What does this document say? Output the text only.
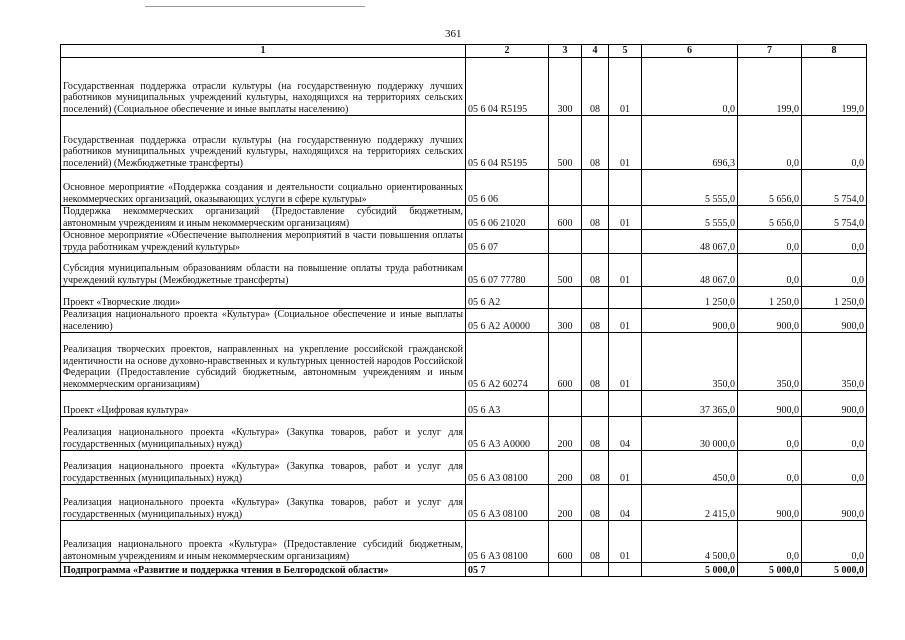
361
1	2	3	4	5	6	7	8
Государственная поддержка отрасли культуры (на государственную поддержку лучших работников муниципальных учреждений культуры, находящихся на территориях сельских поселений) (Социальное обеспечение и иные выплаты населению)	05 6 04 R5195	300	08	01	0,0	199,0	199,0
Государственная поддержка отрасли культуры (на государственную поддержку лучших работников муниципальных учреждений культуры, находящихся на территориях сельских поселений) (Межбюджетные трансферты)	05 6 04 R5195	500	08	01	696,3	0,0	0,0
Основное мероприятие «Поддержка создания и деятельности социально ориентированных некоммерческих организаций, оказывающих услуги в сфере культуры»	05 6 06				5 555,0	5 656,0	5 754,0
Поддержка некоммерческих организаций (Предоставление субсидий бюджетным, автономным учреждениям и иным некоммерческим организациям)	05 6 06 21020	600	08	01	5 555,0	5 656,0	5 754,0
Основное мероприятие «Обеспечение выполнения мероприятий в части повышения оплаты труда работникам учреждений культуры»	05 6 07				48 067,0	0,0	0,0
Субсидия муниципальным образованиям области на повышение оплаты труда работникам учреждений культуры (Межбюджетные трансферты)	05 6 07 77780	500	08	01	48 067,0	0,0	0,0
Проект «Творческие люди»	05 6 А2				1 250,0	1 250,0	1 250,0
Реализация национального проекта «Культура» (Социальное обеспечение и иные выплаты населению)	05 6 А2 А0000	300	08	01	900,0	900,0	900,0
Реализация творческих проектов, направленных на укрепление российской гражданской идентичности на основе духовно-нравственных и культурных ценностей народов Российской Федерации (Предоставление субсидий бюджетным, автономным учреждениям и иным некоммерческим организациям)	05 6 А2 60274	600	08	01	350,0	350,0	350,0
Проект «Цифровая культура»	05 6 А3				37 365,0	900,0	900,0
Реализация национального проекта «Культура» (Закупка товаров, работ и услуг для государственных (муниципальных) нужд)	05 6 А3 А0000	200	08	04	30 000,0	0,0	0,0
Реализация национального проекта «Культура» (Закупка товаров, работ и услуг для государственных (муниципальных) нужд)	05 6 А3 08100	200	08	01	450,0	0,0	0,0
Реализация национального проекта «Культура» (Закупка товаров, работ и услуг для государственных (муниципальных) нужд)	05 6 А3 08100	200	08	04	2 415,0	900,0	900,0
Реализация национального проекта «Культура» (Предоставление субсидий бюджетным, автономным учреждениям и иным некоммерческим организациям)	05 6 А3 08100	600	08	01	4 500,0	0,0	0,0
Подпрограмма «Развитие и поддержка чтения в Белгородской области»	05 7				5 000,0	5 000,0	5 000,0
